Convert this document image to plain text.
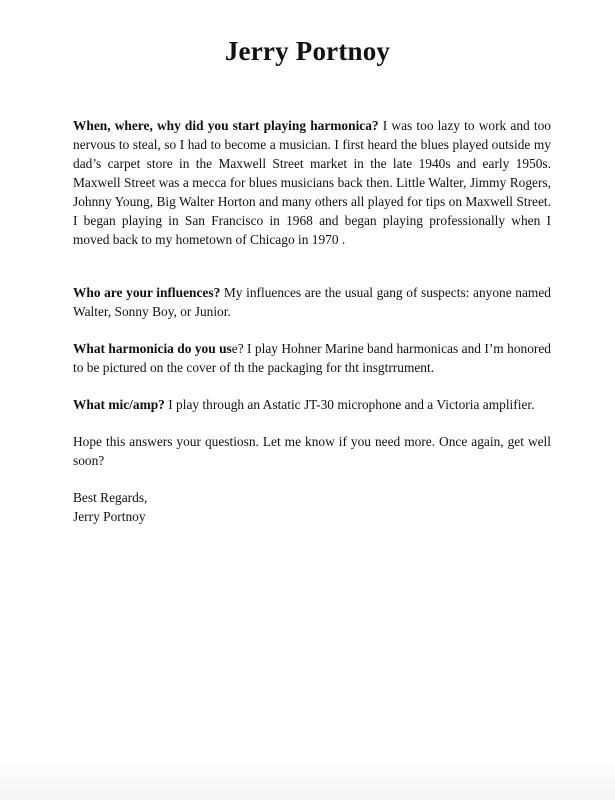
Jerry Portnoy

When, where, why did you start playing harmonica? I was too lazy to work and too nervous to steal, so I had to become a musician. I first heard the blues played outside my dad’s carpet store in the Maxwell Street market in the late 1940s and early 1950s. Maxwell Street was a mecca for blues musicians back then. Little Walter, Jimmy Rogers, Johnny Young, Big Walter Horton and many others all played for tips on Maxwell Street. I began playing in San Francisco in 1968 and began playing professionally when I moved back to my hometown of Chicago in 1970 .

Who are your influences? My influences are the usual gang of suspects: anyone named Walter, Sonny Boy, or Junior.

What harmonicia do you use? I play Hohner Marine band harmonicas and I’m honored to be pictured on the cover of th the packaging for tht insgtrrument.

What mic/amp? I play through an Astatic JT-30 microphone and a Victoria amplifier.

Hope this answers your questiosn. Let me know if you need more. Once again, get well soon?

Best Regards,

Jerry Portnoy
